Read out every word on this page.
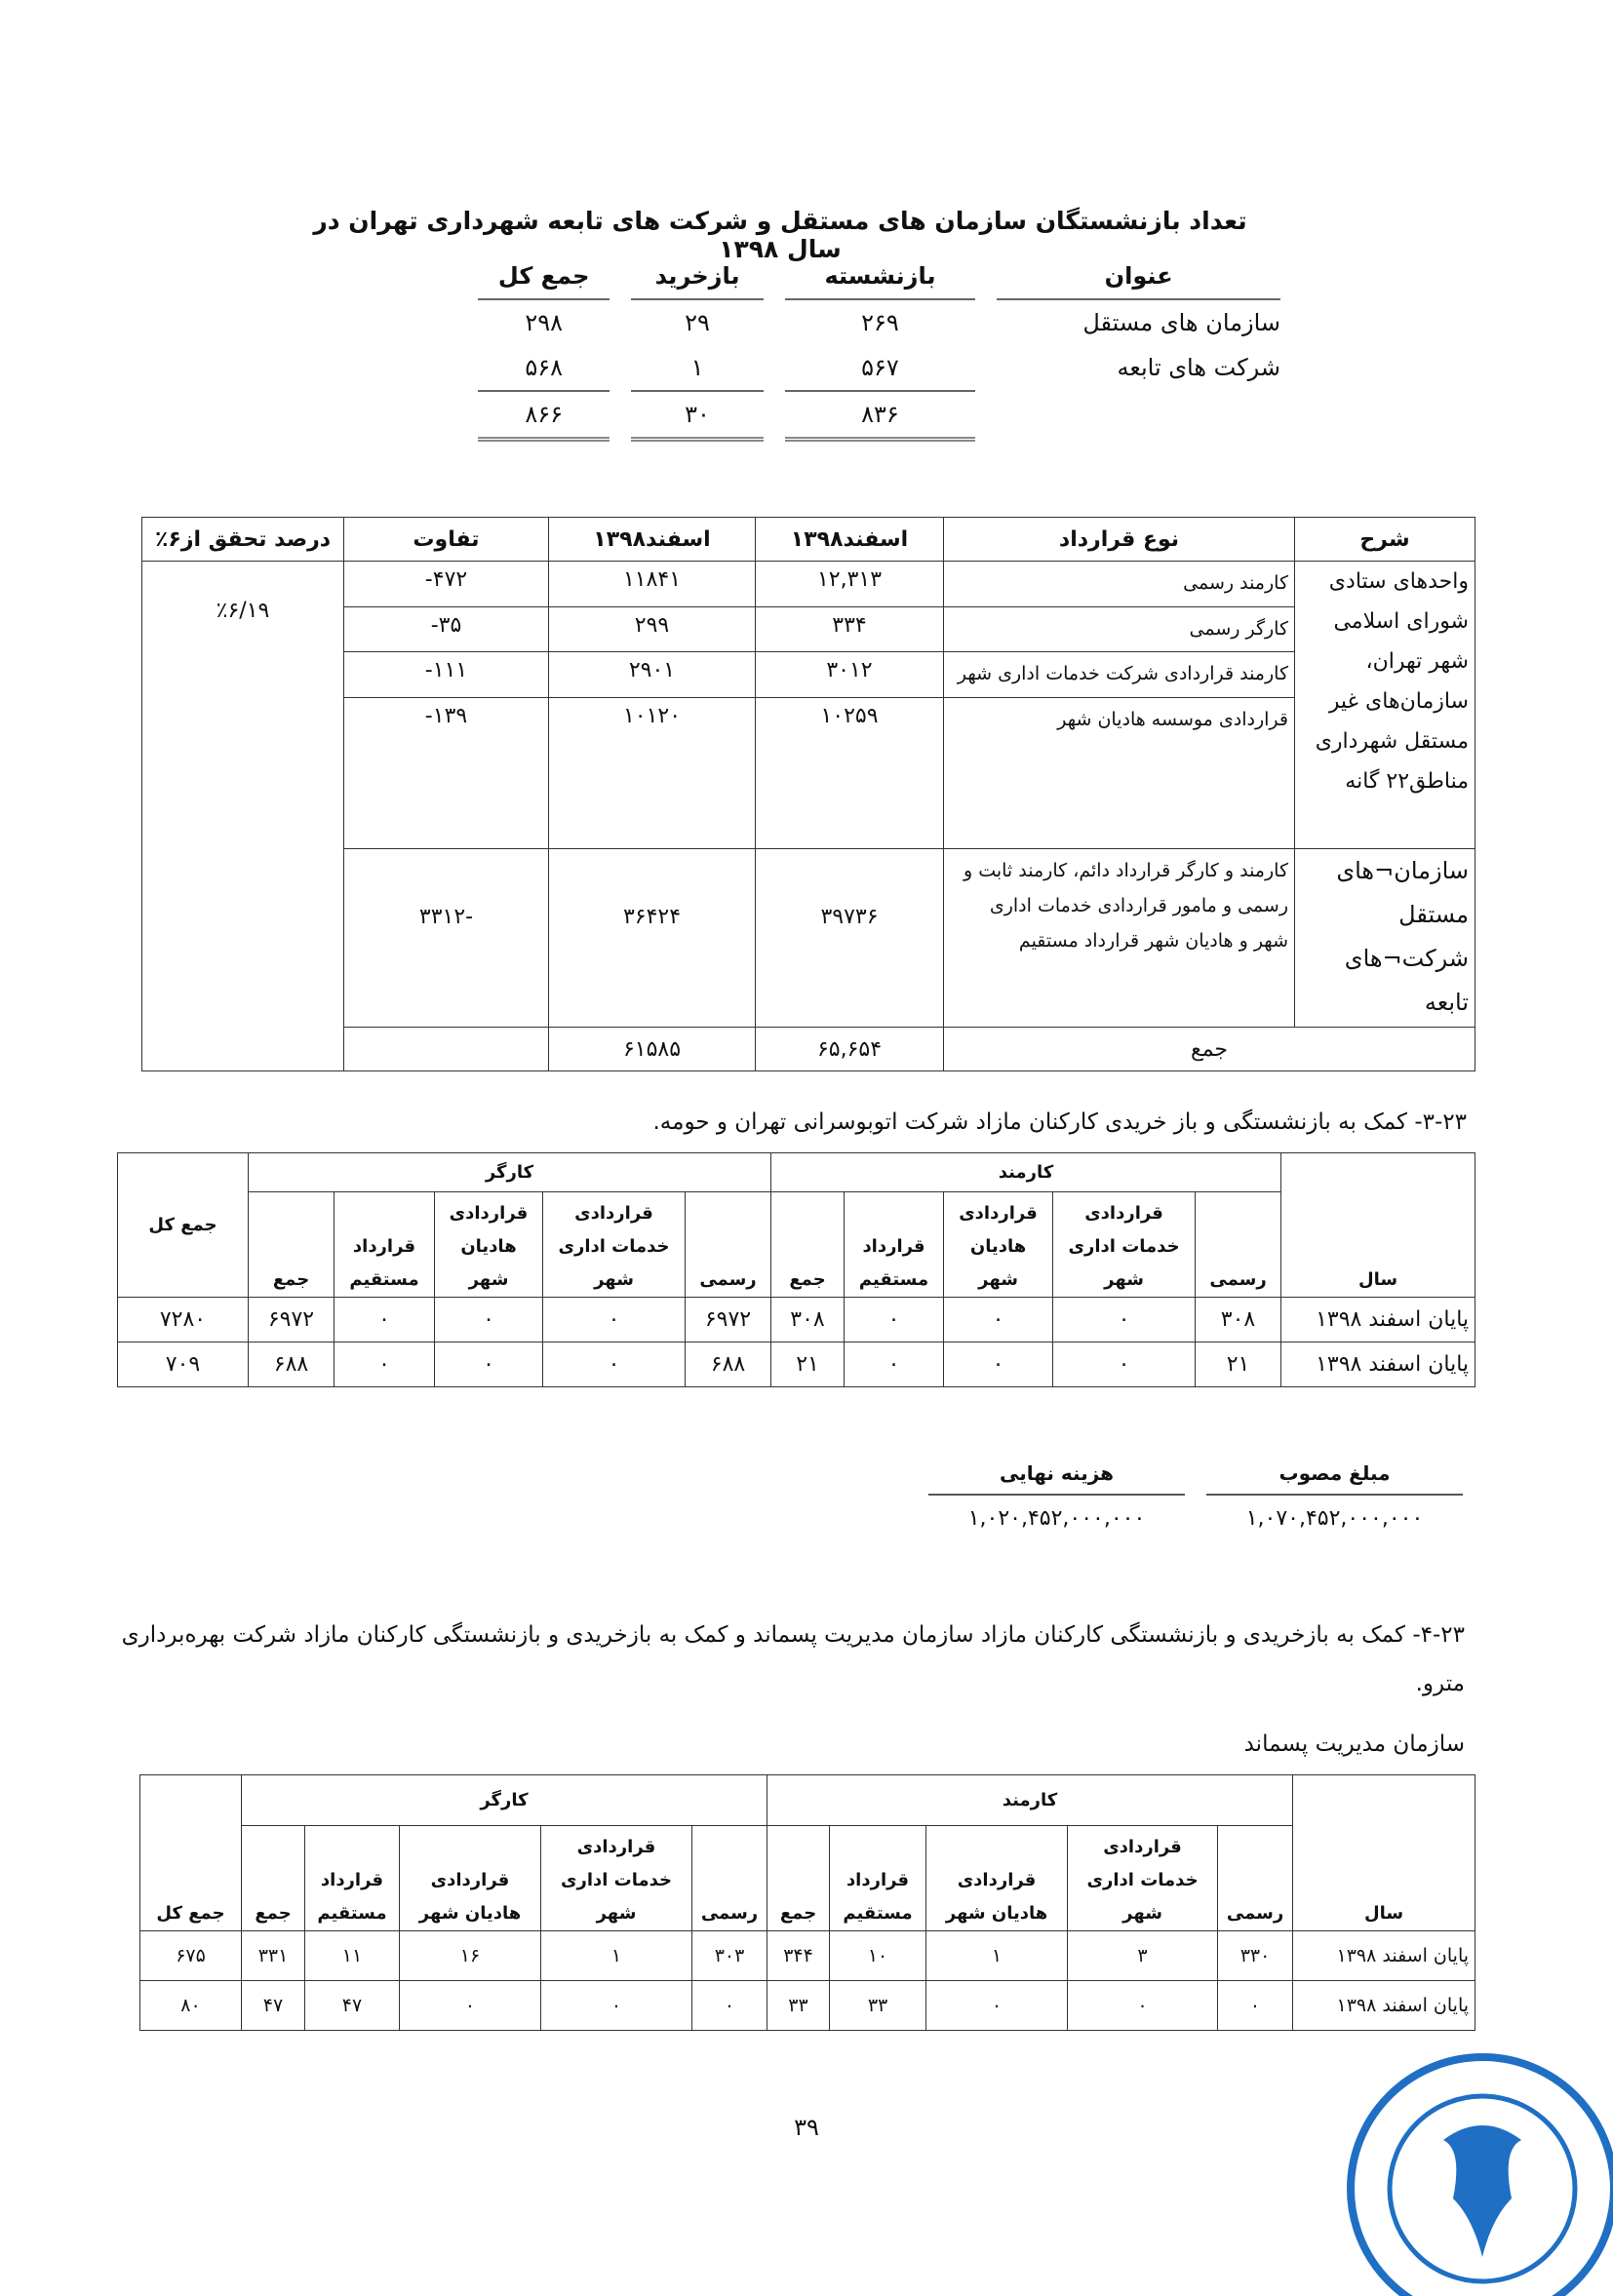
تعداد بازنشستگان سازمان های مستقل و شرکت های تابعه شهرداری تهران در سال ۱۳۹۸
عنوان	بازنشسته	بازخرید	جمع کل
سازمان های مستقل	۲۶۹	۲۹	۲۹۸
شرکت های تابعه	۵۶۷	۱	۵۶۸
	۸۳۶	۳۰	۸۶۶
شرح	نوع قرارداد	اسفند۱۳۹۸	اسفند۱۳۹۸	تفاوت	درصد تحقق از۶٪
واحدهای ستادی شورای اسلامی شهر تهران، سازمان‌های غیر مستقل شهرداری مناطق۲۲ گانه	کارمند رسمی	۱۲,۳۱۳	۱۱۸۴۱	۴۷۲-	٪۶/۱۹
	کارگر رسمی	۳۳۴	۲۹۹	۳۵-	
	کارمند قراردادی شرکت خدمات اداری شهر	۳۰۱۲	۲۹۰۱	۱۱۱-	
	قراردادی موسسه هادیان شهر	۱۰۲۵۹	۱۰۱۲۰	۱۳۹-	
سازمان¬های مستقل شرکت¬های تابعه	کارمند و کارگر قرارداد دائم، کارمند ثابت و رسمی و مامور قراردادی خدمات اداری شهر و هادیان شهر قرارداد مستقیم	۳۹۷۳۶	۳۶۴۲۴	-۳۳۱۲	
جمع		۶۵,۶۵۴	۶۱۵۸۵		
۳-۲۳- کمک به بازنشستگی و باز خریدی کارکنان مازاد شرکت اتوبوسرانی تهران و حومه.
سال	کارمند					کارگر					جمع کل
	رسمی	قراردادی خدمات اداری شهر	قراردادی هادیان شهر	قرارداد مستقیم	جمع	رسمی	قراردادی خدمات اداری شهر	قراردادی هادیان شهر	قرارداد مستقیم	جمع	
پایان اسفند ۱۳۹۸	۳۰۸	۰	۰	۰	۳۰۸	۶۹۷۲	۰	۰	۰	۶۹۷۲	۷۲۸۰
پایان اسفند ۱۳۹۸	۲۱	۰	۰	۰	۲۱	۶۸۸	۰	۰	۰	۶۸۸	۷۰۹
مبلغ مصوب	هزینه نهایی
۱,۰۷۰,۴۵۲,۰۰۰,۰۰۰	۱,۰۲۰,۴۵۲,۰۰۰,۰۰۰
۴-۲۳- کمک به بازخریدی و بازنشستگی کارکنان مازاد سازمان مدیریت پسماند و کمک به بازخریدی و بازنشستگی کارکنان مازاد شرکت بهره‌برداری مترو.
سازمان مدیریت پسماند
سال	کارمند					کارگر					جمع کل
	رسمی	قراردادی خدمات اداری شهر	قراردادی هادیان شهر	قرارداد مستقیم	جمع	رسمی	قراردادی خدمات اداری شهر	قراردادی هادیان شهر	قرارداد مستقیم	جمع	
پایان اسفند ۱۳۹۸	۳۳۰	۳	۱	۱۰	۳۴۴	۳۰۳	۱	۱۶	۱۱	۳۳۱	۶۷۵
پایان اسفند ۱۳۹۸	۰	۰	۰	۳۳	۳۳	۰	۰	۰	۴۷	۴۷	۸۰
۳۹
​
